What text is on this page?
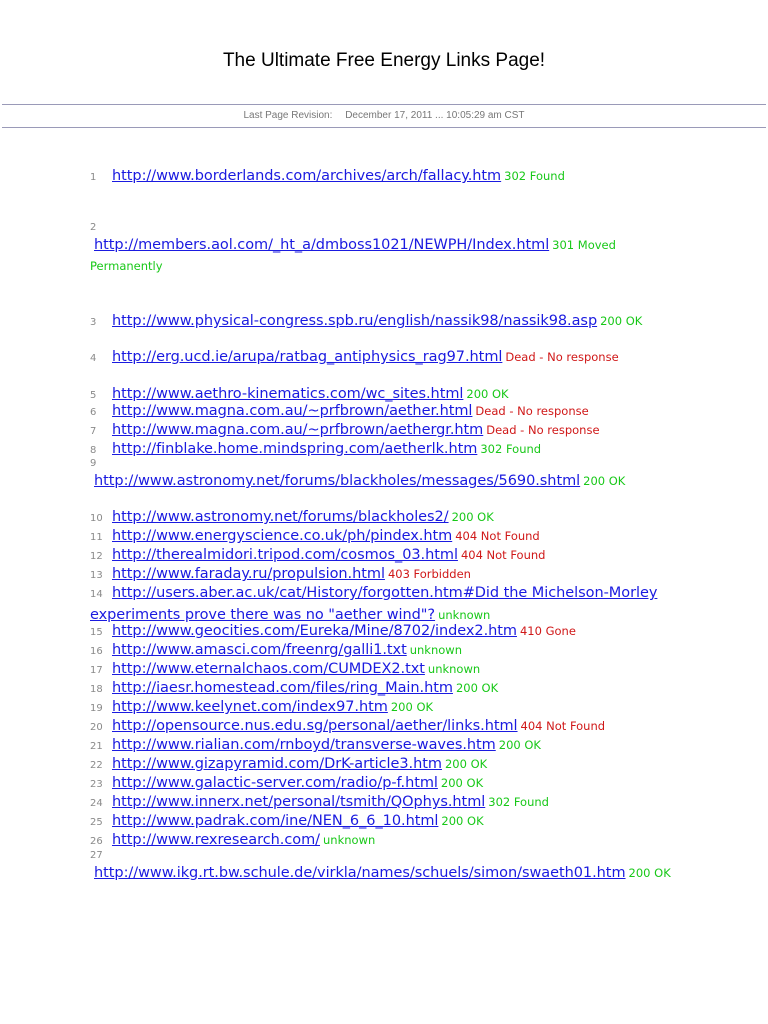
The Ultimate Free Energy Links Page!
Last Page Revision: December 17, 2011 ... 10:05:29 am CST
1 http://www.borderlands.com/archives/arch/fallacy.htm 302 Found
2
http://members.aol.com/_ht_a/dmboss1021/NEWPH/Index.html 301 Moved Permanently
3 http://www.physical-congress.spb.ru/english/nassik98/nassik98.asp 200 OK
4 http://erg.ucd.ie/arupa/ratbag_antiphysics_rag97.html Dead - No response
5 http://www.aethro-kinematics.com/wc_sites.html 200 OK
6 http://www.magna.com.au/~prfbrown/aether.html Dead - No response
7 http://www.magna.com.au/~prfbrown/aethergr.htm Dead - No response
8 http://finblake.home.mindspring.com/aetherlk.htm 302 Found
9
http://www.astronomy.net/forums/blackholes/messages/5690.shtml 200 OK
10 http://www.astronomy.net/forums/blackholes2/ 200 OK
11 http://www.energyscience.co.uk/ph/pindex.htm 404 Not Found
12 http://therealmidori.tripod.com/cosmos_03.html 404 Not Found
13 http://www.faraday.ru/propulsion.html 403 Forbidden
14 http://users.aber.ac.uk/cat/History/forgotten.htm#Did the Michelson-Morley experiments prove there was no "aether wind"? unknown
15 http://www.geocities.com/Eureka/Mine/8702/index2.htm 410 Gone
16 http://www.amasci.com/freenrg/galli1.txt unknown
17 http://www.eternalchaos.com/CUMDEX2.txt unknown
18 http://iaesr.homestead.com/files/ring_Main.htm 200 OK
19 http://www.keelynet.com/index97.htm 200 OK
20 http://opensource.nus.edu.sg/personal/aether/links.html 404 Not Found
21 http://www.rialian.com/rnboyd/transverse-waves.htm 200 OK
22 http://www.gizapyramid.com/DrK-article3.htm 200 OK
23 http://www.galactic-server.com/radio/p-f.html 200 OK
24 http://www.innerx.net/personal/tsmith/QOphys.html 302 Found
25 http://www.padrak.com/ine/NEN_6_6_10.html 200 OK
26 http://www.rexresearch.com/ unknown
27
http://www.ikg.rt.bw.schule.de/virkla/names/schuels/simon/swaeth01.htm 200 OK
